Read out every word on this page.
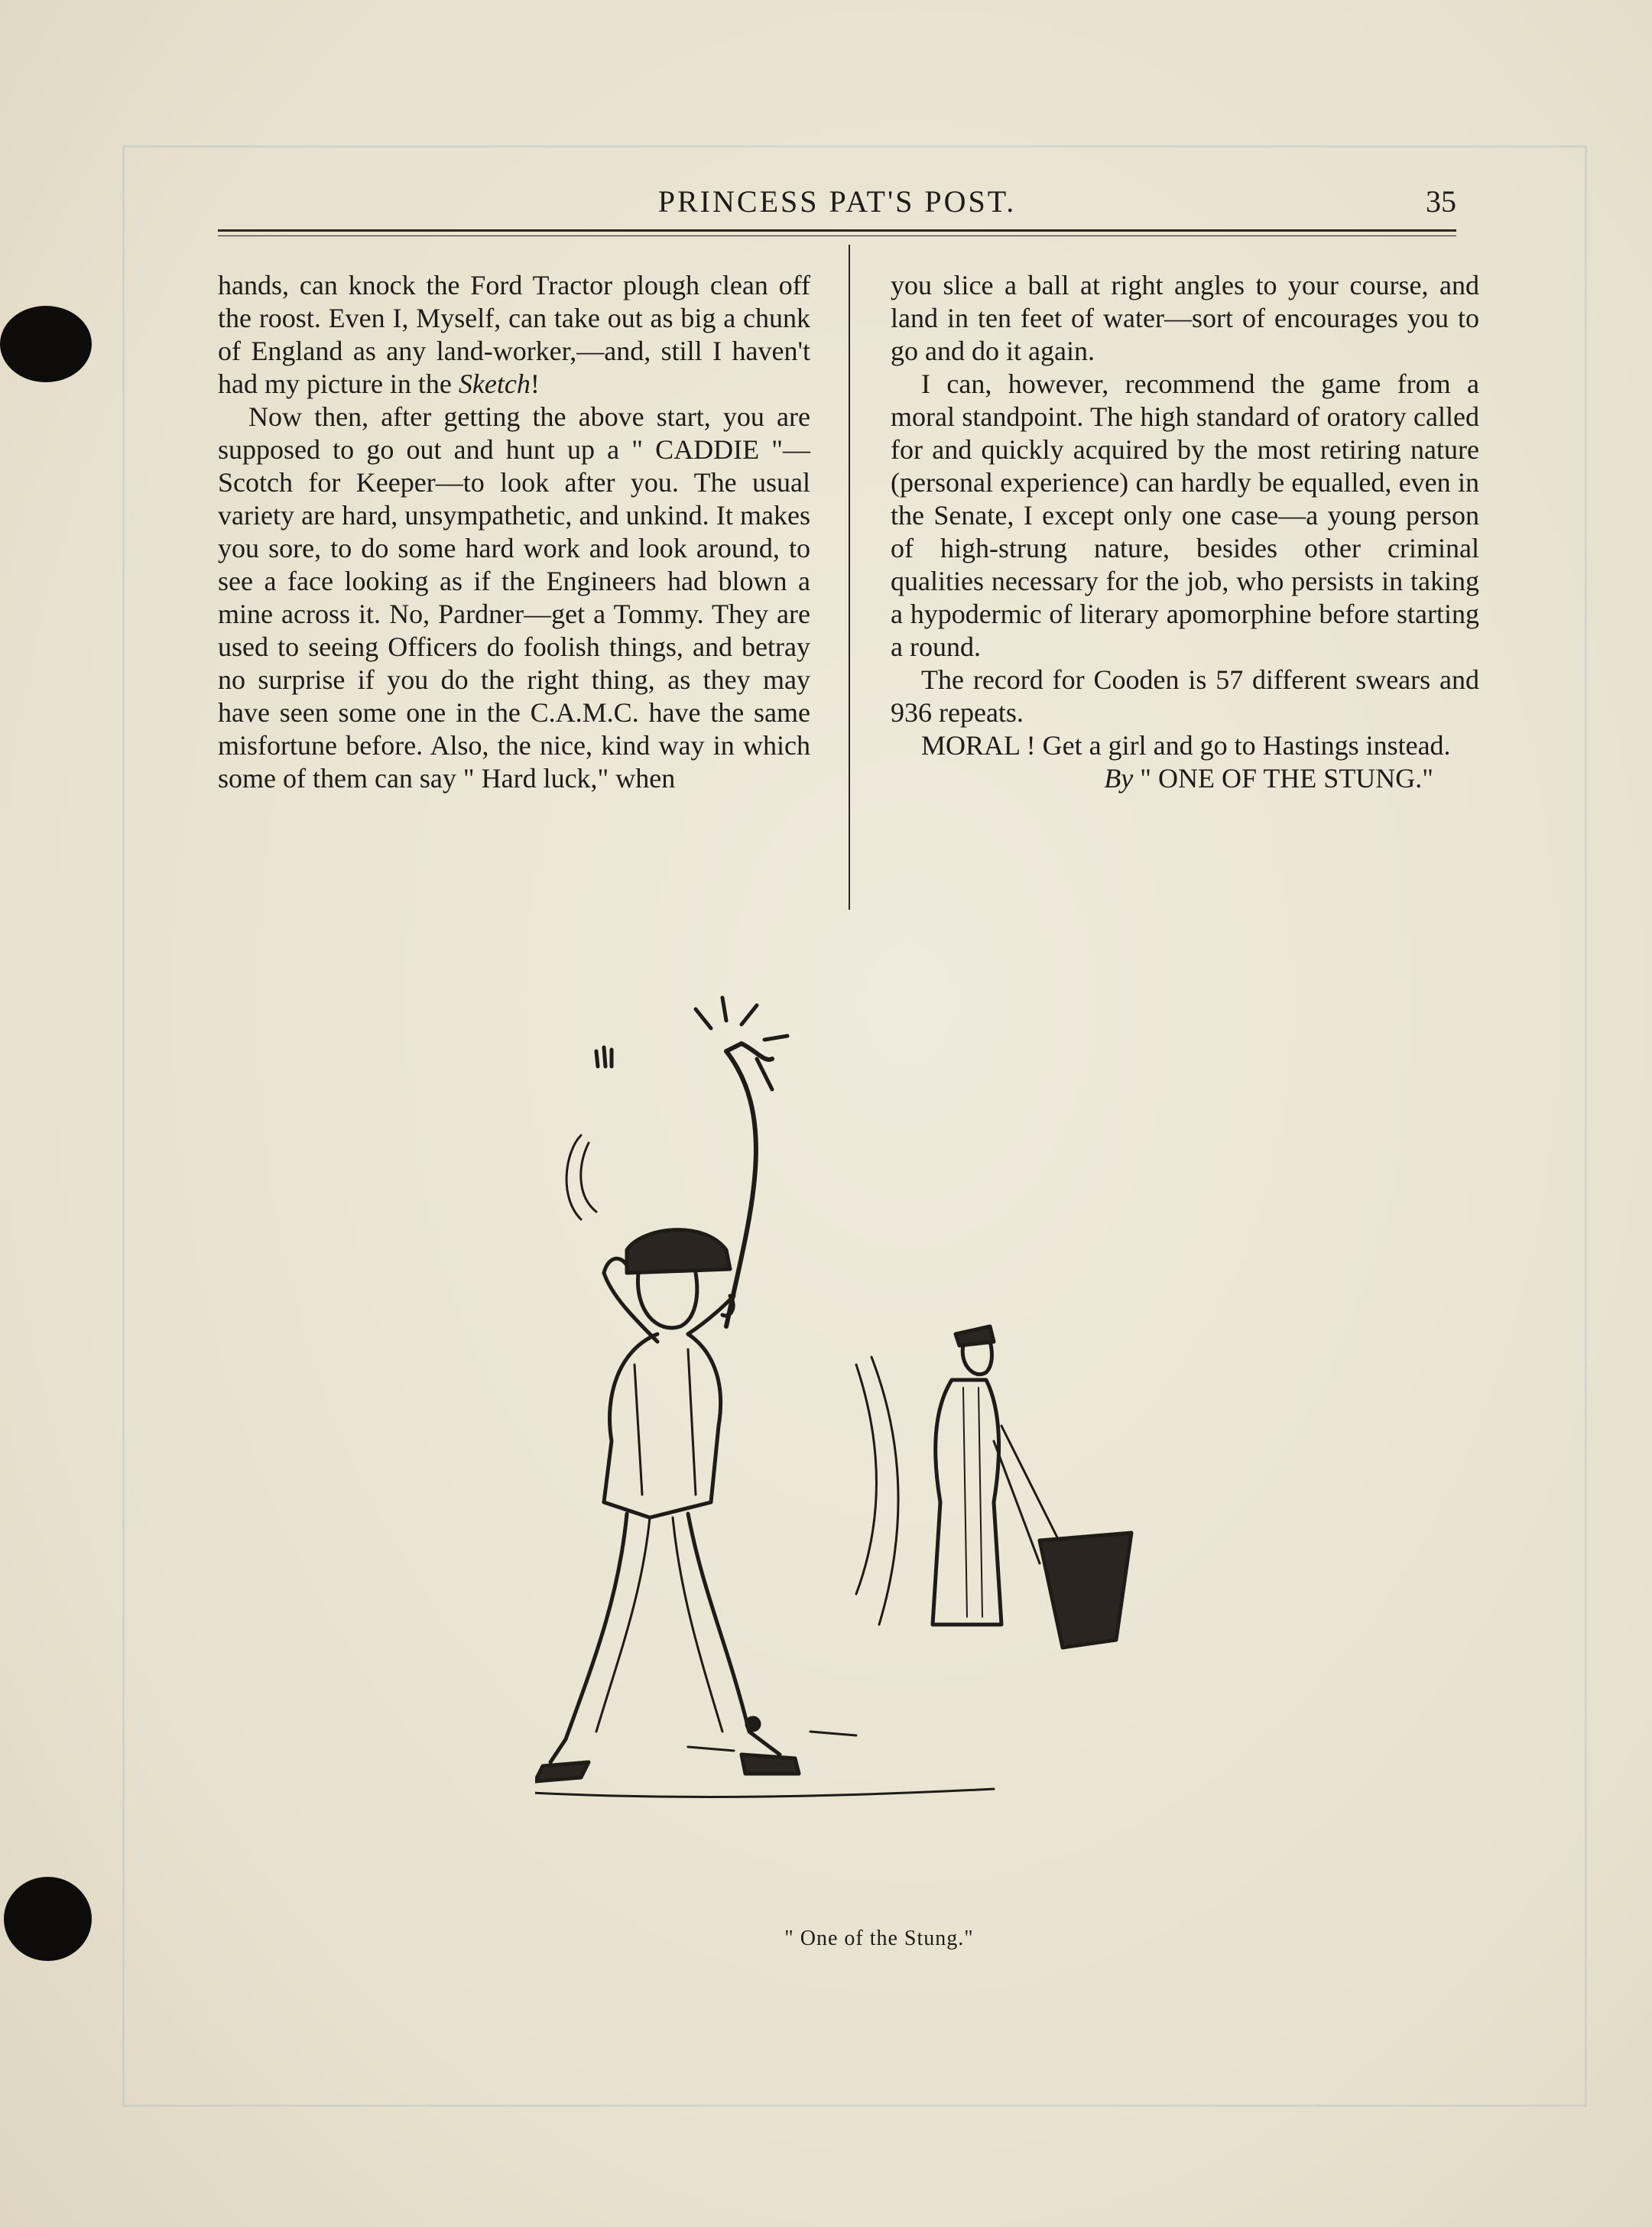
PRINCESS PAT'S POST.	35

hands, can knock the Ford Tractor plough clean off the roost. Even I, Myself, can take out as big a chunk of England as any land-worker,—and, still I haven't had my picture in the Sketch!

Now then, after getting the above start, you are supposed to go out and hunt up a " CADDIE "—Scotch for Keeper—to look after you. The usual variety are hard, unsympathetic, and unkind. It makes you sore, to do some hard work and look around, to see a face looking as if the Engineers had blown a mine across it. No, Pardner—get a Tommy. They are used to seeing Officers do foolish things, and betray no surprise if you do the right thing, as they may have seen some one in the C.A.M.C. have the same misfortune before. Also, the nice, kind way in which some of them can say " Hard luck," when

you slice a ball at right angles to your course, and land in ten feet of water—sort of encourages you to go and do it again.

I can, however, recommend the game from a moral standpoint. The high standard of oratory called for and quickly acquired by the most retiring nature (personal experience) can hardly be equalled, even in the Senate, I except only one case—a young person of high-strung nature, besides other criminal qualities necessary for the job, who persists in taking a hypodermic of literary apomorphine before starting a round.

The record for Cooden is 57 different swears and 936 repeats.

MORAL ! Get a girl and go to Hastings instead.

By " ONE OF THE STUNG."

" One of the Stung."
